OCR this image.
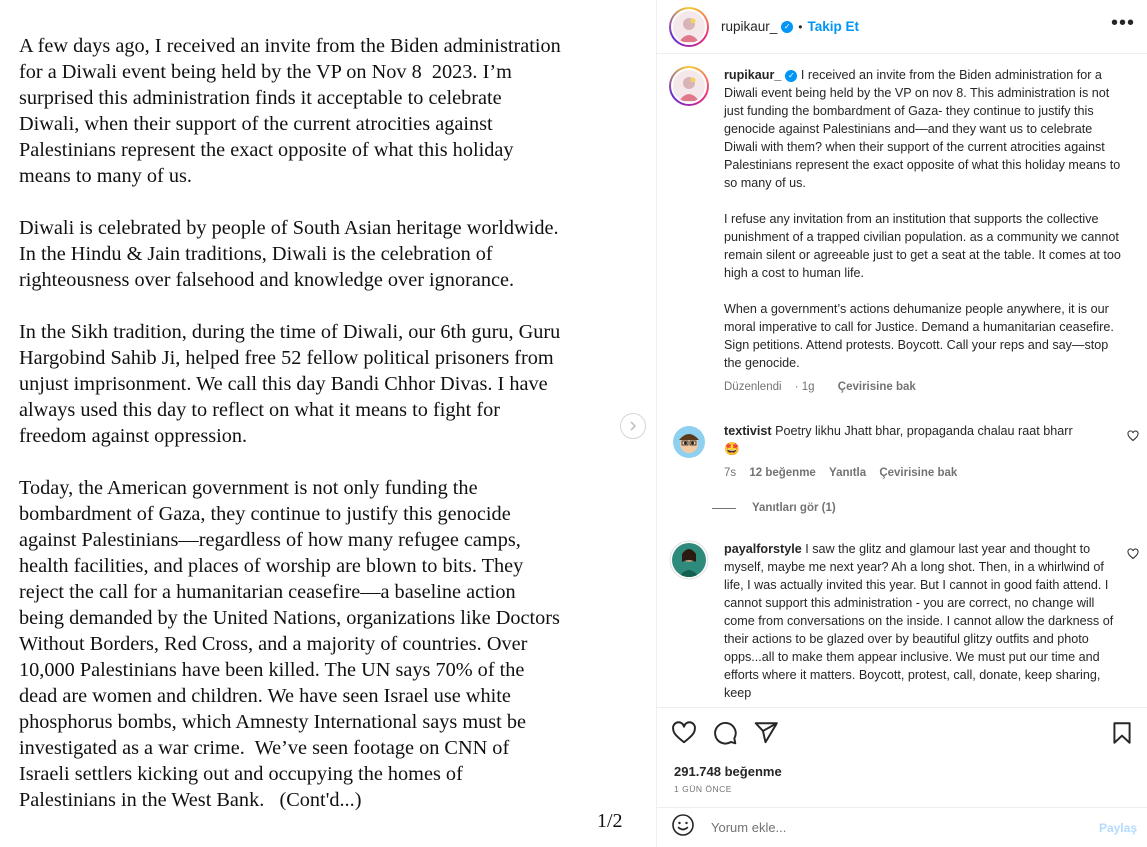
A few days ago, I received an invite from the Biden administration
for a Diwali event being held by the VP on Nov 8  2023. I’m
surprised this administration finds it acceptable to celebrate
Diwali, when their support of the current atrocities against
Palestinians represent the exact opposite of what this holiday
means to many of us.

Diwali is celebrated by people of South Asian heritage worldwide.
In the Hindu & Jain traditions, Diwali is the celebration of
righteousness over falsehood and knowledge over ignorance.

In the Sikh tradition, during the time of Diwali, our 6th guru, Guru
Hargobind Sahib Ji, helped free 52 fellow political prisoners from
unjust imprisonment. We call this day Bandi Chhor Divas. I have
always used this day to reflect on what it means to fight for
freedom against oppression.

Today, the American government is not only funding the
bombardment of Gaza, they continue to justify this genocide
against Palestinians—regardless of how many refugee camps,
health facilities, and places of worship are blown to bits. They
reject the call for a humanitarian ceasefire—a baseline action
being demanded by the United Nations, organizations like Doctors
Without Borders, Red Cross, and a majority of countries. Over
10,000 Palestinians have been killed. The UN says 70% of the
dead are women and children. We have seen Israel use white
phosphorus bombs, which Amnesty International says must be
investigated as a war crime.  We’ve seen footage on CNN of
Israeli settlers kicking out and occupying the homes of
Palestinians in the West Bank.   (Cont'd...)

1/2
rupikaur_ ✓ • Takip Et	•••
rupikaur_ ✓ I received an invite from the Biden administration for a Diwali event being held by the VP on nov 8. This administration is not just funding the bombardment of Gaza- they continue to justify this genocide against Palestinians and—and they want us to celebrate Diwali with them? when their support of the current atrocities against Palestinians represent the exact opposite of what this holiday means to so many of us.
I refuse any invitation from an institution that supports the collective punishment of a trapped civilian population. as a community we cannot remain silent or agreeable just to get a seat at the table. It comes at too high a cost to human life.
When a government’s actions dehumanize people anywhere, it is our moral imperative to call for Justice. Demand a humanitarian ceasefire. Sign petitions. Attend protests. Boycott. Call your reps and say—stop the genocide.
Düzenlendi · 1g Çevirisine bak
textivist Poetry likhu Jhatt bhar, propaganda chalau raat bharr
🤩
7s 12 beğenme Yanıtla Çevirisine bak
Yanıtları gör (1)
payalforstyle I saw the glitz and glamour last year and thought to myself, maybe me next year? Ah a long shot. Then, in a whirlwind of life, I was actually invited this year. But I cannot in good faith attend. I cannot support this administration - you are correct, no change will come from conversations on the inside. I cannot allow the darkness of their actions to be glazed over by beautiful glitzy outfits and photo opps...all to make them appear inclusive. We must put our time and efforts where it matters. Boycott, protest, call, donate, keep sharing, keep
291.748 beğenme
1 GÜN ÖNCE
Yorum ekle...
Paylaş
